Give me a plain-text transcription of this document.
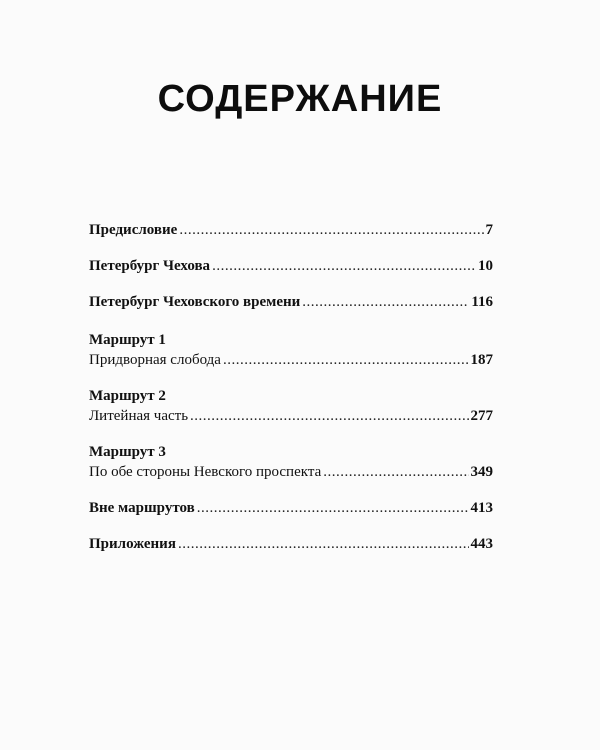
СОДЕРЖАНИЕ
Предисловие .....	7
Петербург Чехова .....	10
Петербург Чеховского времени .....	116
Маршрут 1
Придворная слобода .....	187
Маршрут 2
Литейная часть .....	277
Маршрут 3
По обе стороны Невского проспекта .....	349
Вне маршрутов .....	413
Приложения .....	443
